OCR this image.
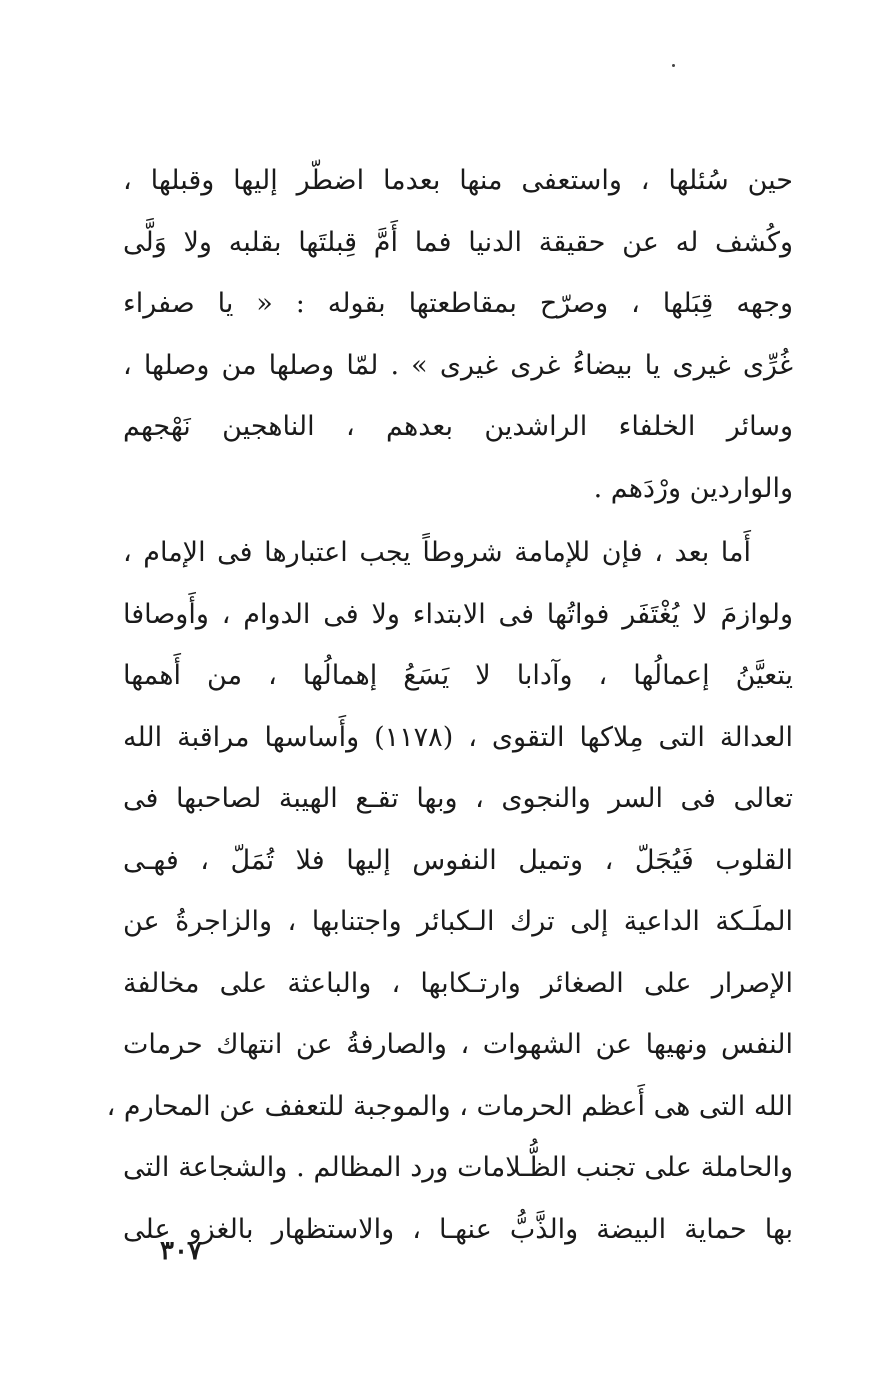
حين سُئلها ، واستعفى منها بعدما اضطّر إليها وقبلها ،
وكُشف له عن حقيقة الدنيا فما أَمَّ قِبلتَها بقلبه ولا وَلَّى
وجهه قِبَلها ، وصرّح بمقاطعتها بقوله : « يا صفراء
غُرِّى غيرى يا بيضاءُ غرى غيرى » . لمّا وصلها من وصلها ،
وسائر الخلفاء الراشدين بعدهم ، الناهجين نَهْجهم
والواردين ورْدَهم .
أَما بعد ، فإن للإمامة شروطاً يجب اعتبارها فى الإمام ،
ولوازمَ لا يُغْتَفَر فواتُها فى الابتداء ولا فى الدوام ، وأَوصافا
يتعيَّنُ إعمالُها ، وآدابا لا يَسَعُ إهمالُها ، من أَهمها
العدالة التى مِلاكها التقوى ، (١١٧٨) وأَساسها مراقبة الله
تعالى فى السر والنجوى ، وبها تقـع الهيبة لصاحبها فى
القلوب فَيُجَلّ ، وتميل النفوس إليها فلا تُمَلّ ، فهـى
الملَـكة الداعية إلى ترك الـكبائر واجتنابها ، والزاجرةُ عن
الإصرار على الصغائر وارتـكابها ، والباعثة على مخالفة
النفس ونهيها عن الشهوات ، والصارفةُ عن انتهاك حرمات
الله التى هى أَعظم الحرمات ، والموجبة للتعفف عن المحارم ،
والحاملة على تجنب الظُّـلامات ورد المظالم . والشجاعة التى
بها حماية البيضة والذَّبُّ عنهـا ، والاستظهار بالغزو على
٣٠٧
